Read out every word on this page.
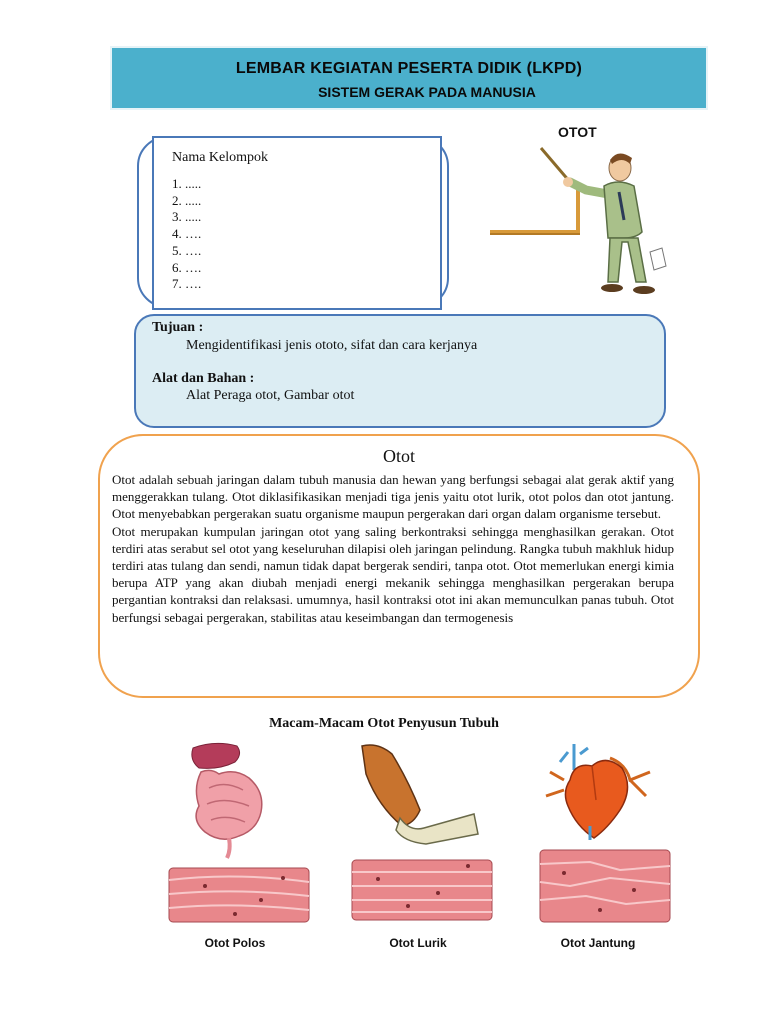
LEMBAR KEGIATAN PESERTA DIDIK (LKPD)
SISTEM GERAK PADA MANUSIA
Nama Kelompok
1. .....
2. .....
3. .....
4. ….
5. ….
6. ….
7. ….
OTOT
Tujuan :
Mengidentifikasi jenis ototo, sifat dan cara kerjanya
Alat dan Bahan :
Alat Peraga otot, Gambar otot
Otot

Otot adalah sebuah jaringan dalam tubuh manusia dan hewan yang berfungsi sebagai alat gerak aktif yang menggerakkan tulang. Otot diklasifikasikan menjadi tiga jenis yaitu otot lurik, otot polos dan otot jantung. Otot menyebabkan pergerakan suatu organisme maupun pergerakan dari organ dalam organisme tersebut.

Otot merupakan kumpulan jaringan otot yang saling berkontraksi sehingga menghasilkan gerakan. Otot terdiri atas serabut sel otot yang keseluruhan dilapisi oleh jaringan pelindung. Rangka tubuh makhluk hidup terdiri atas tulang dan sendi, namun tidak dapat bergerak sendiri, tanpa otot. Otot memerlukan energi kimia berupa ATP yang akan diubah menjadi energi mekanik sehingga menghasilkan pergerakan berupa pergantian kontraksi dan relaksasi. umumnya, hasil kontraksi otot ini akan memunculkan panas tubuh. Otot berfungsi sebagai pergerakan, stabilitas atau keseimbangan dan termogenesis

Macam-Macam Otot Penyusun Tubuh
Otot Polos	Otot Lurik	Otot Jantung
